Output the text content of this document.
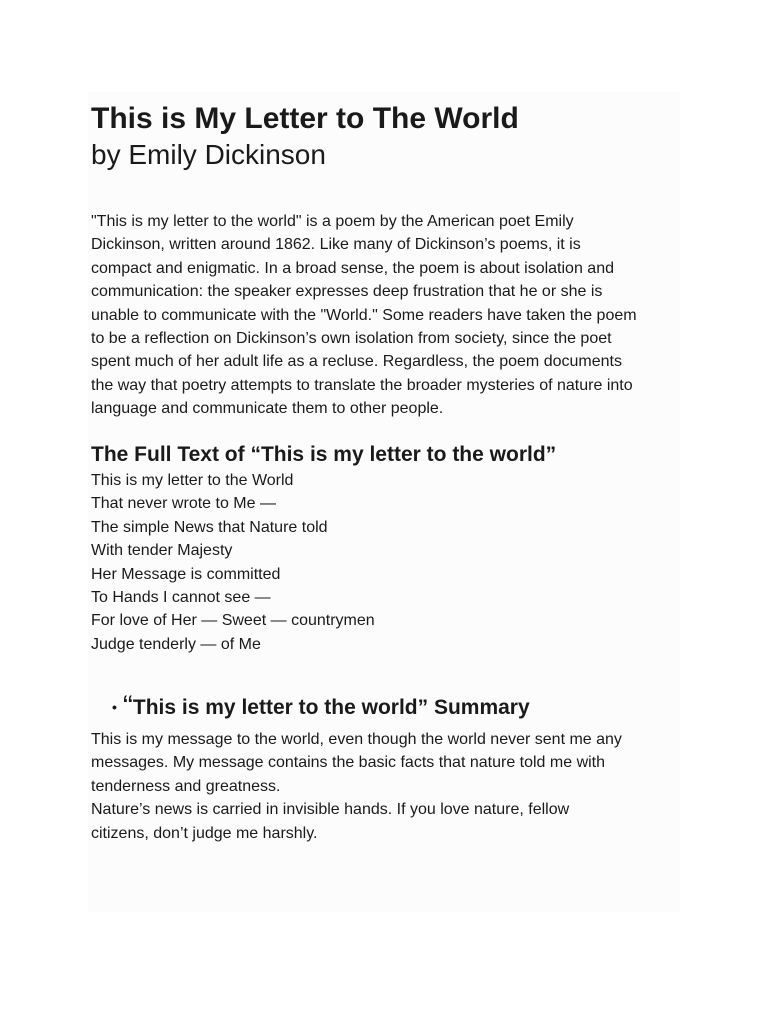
This is My Letter to The World
by Emily Dickinson

"This is my letter to the world" is a poem by the American poet Emily
Dickinson, written around 1862. Like many of Dickinson’s poems, it is
compact and enigmatic. In a broad sense, the poem is about isolation and
communication: the speaker expresses deep frustration that he or she is
unable to communicate with the "World." Some readers have taken the poem
to be a reflection on Dickinson’s own isolation from society, since the poet
spent much of her adult life as a recluse. Regardless, the poem documents
the way that poetry attempts to translate the broader mysteries of nature into
language and communicate them to other people.

The Full Text of “This is my letter to the world”
This is my letter to the World
That never wrote to Me —
The simple News that Nature told
With tender Majesty
Her Message is committed
To Hands I cannot see —
For love of Her — Sweet — countrymen
Judge tenderly — of Me
• “This is my letter to the world” Summary

This is my message to the world, even though the world never sent me any
messages. My message contains the basic facts that nature told me with
tenderness and greatness.
Nature’s news is carried in invisible hands. If you love nature, fellow
citizens, don’t judge me harshly.
